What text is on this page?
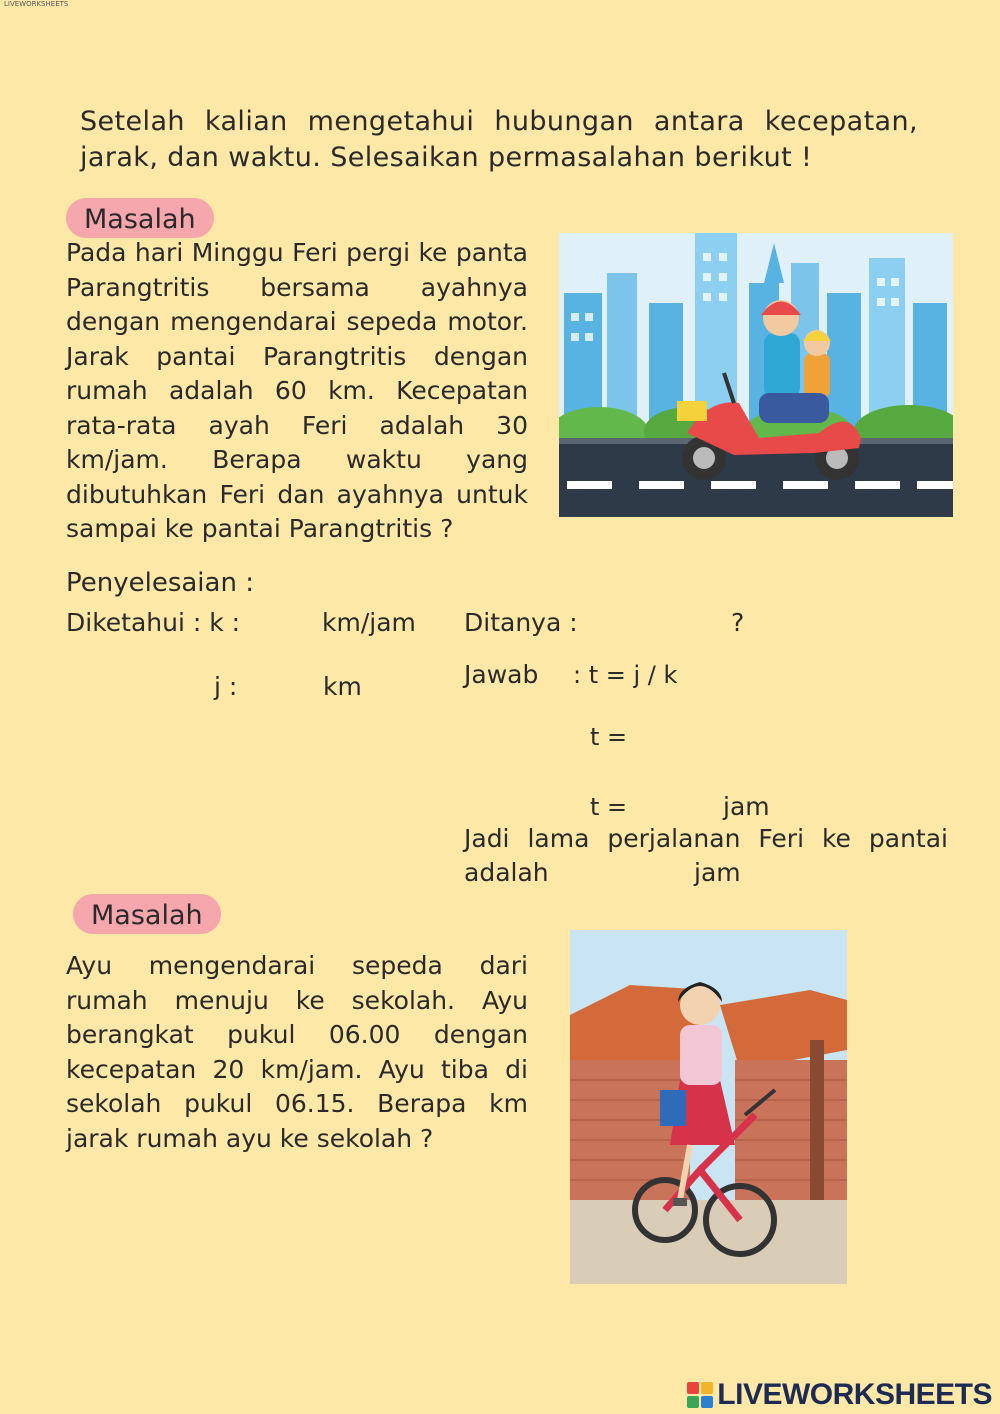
LIVEWORKSHEETS
Setelah kalian mengetahui hubungan antara kecepatan, jarak, dan waktu. Selesaikan permasalahan berikut !
Masalah
Pada hari Minggu Feri pergi ke panta Parangtritis bersama ayahnya dengan mengendarai sepeda motor. Jarak pantai Parangtritis dengan rumah adalah 60 km. Kecepatan rata-rata ayah Feri adalah 30 km/jam. Berapa waktu yang dibutuhkan Feri dan ayahnya untuk sampai ke pantai Parangtritis ?
Penyelesaian :
Diketahui : k :	km/jam
j :	km
Ditanya :	?
Jawab : t = j / k
t =
t =	jam
Jadi lama perjalanan Feri ke pantai
adalah	jam
Masalah
Ayu mengendarai sepeda dari rumah menuju ke sekolah. Ayu berangkat pukul 06.00 dengan kecepatan 20 km/jam. Ayu tiba di sekolah pukul 06.15. Berapa km jarak rumah ayu ke sekolah ?
LIVEWORKSHEETS
